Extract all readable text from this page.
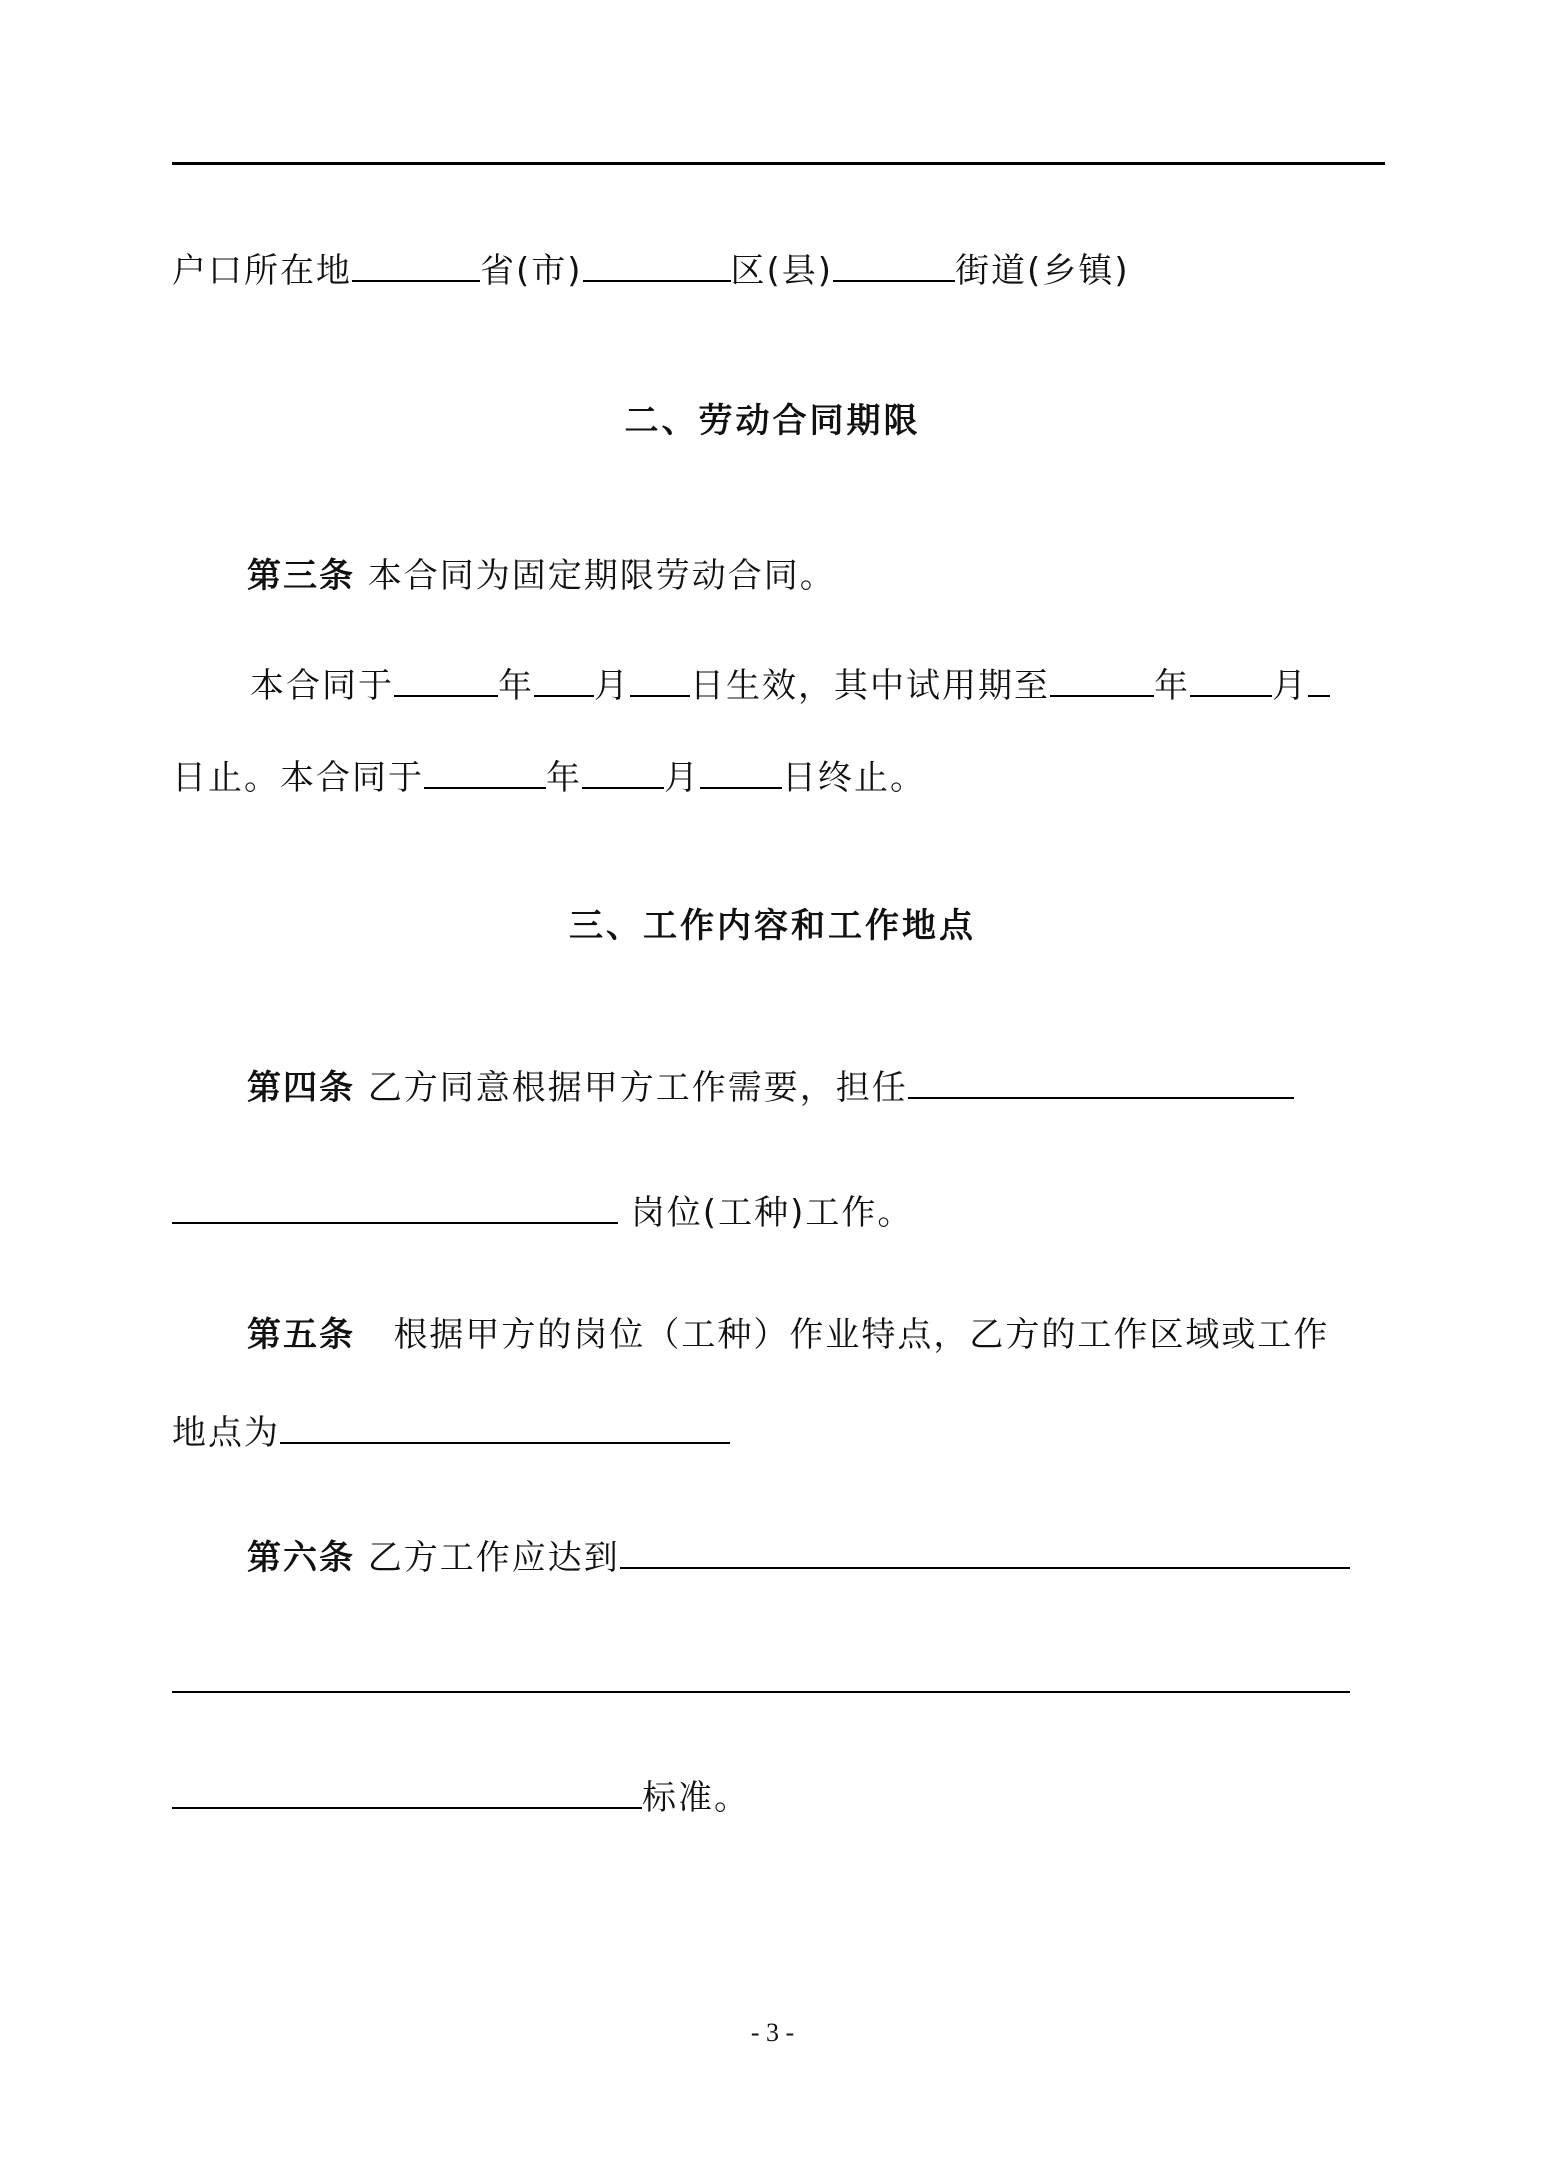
户口所在地	省(市)	区(县)	街道(乡镇)
二、劳动合同期限
第三条 本合同为固定期限劳动合同。
本合同于	年 月 日生效，其中试用期至	年 月
日止。本合同于	年 月 日终止。
三、工作内容和工作地点
第四条 乙方同意根据甲方工作需要，担任
岗位(工种)工作。
第五条 根据甲方的岗位（工种）作业特点，乙方的工作区域或工作
地点为
第六条 乙方工作应达到
标准。
- 3 -
